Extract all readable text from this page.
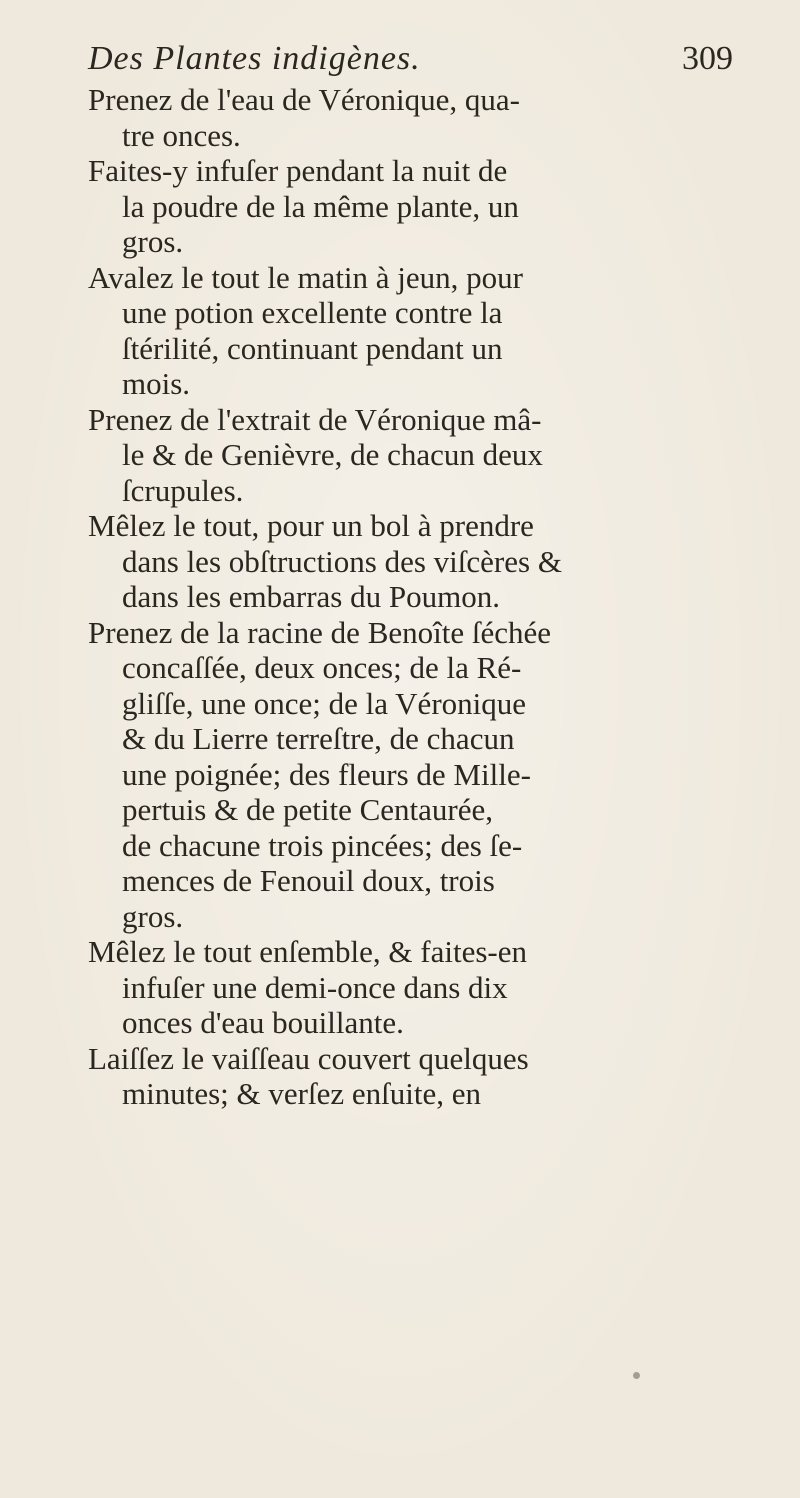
Des Plantes indigènes.	309

Prenez de l'eau de Véronique, qua-
tre onces.

Faites-y infuſer pendant la nuit de
la poudre de la même plante, un
gros.

Avalez le tout le matin à jeun, pour
une potion excellente contre la
ſtérilité, continuant pendant un
mois.

Prenez de l'extrait de Véronique mâ-
le & de Genièvre, de chacun deux
ſcrupules.

Mêlez le tout, pour un bol à prendre
dans les obſtructions des viſcères &
dans les embarras du Poumon.

Prenez de la racine de Benoîte ſéchée
concaſſée, deux onces; de la Ré-
gliſſe, une once; de la Véronique
& du Lierre terreſtre, de chacun
une poignée; des fleurs de Mille-
pertuis & de petite Centaurée,
de chacune trois pincées; des ſe-
mences de Fenouil doux, trois
gros.

Mêlez le tout enſemble, & faites-en
infuſer une demi-once dans dix
onces d'eau bouillante.

Laiſſez le vaiſſeau couvert quelques
minutes; & verſez enſuite, en
